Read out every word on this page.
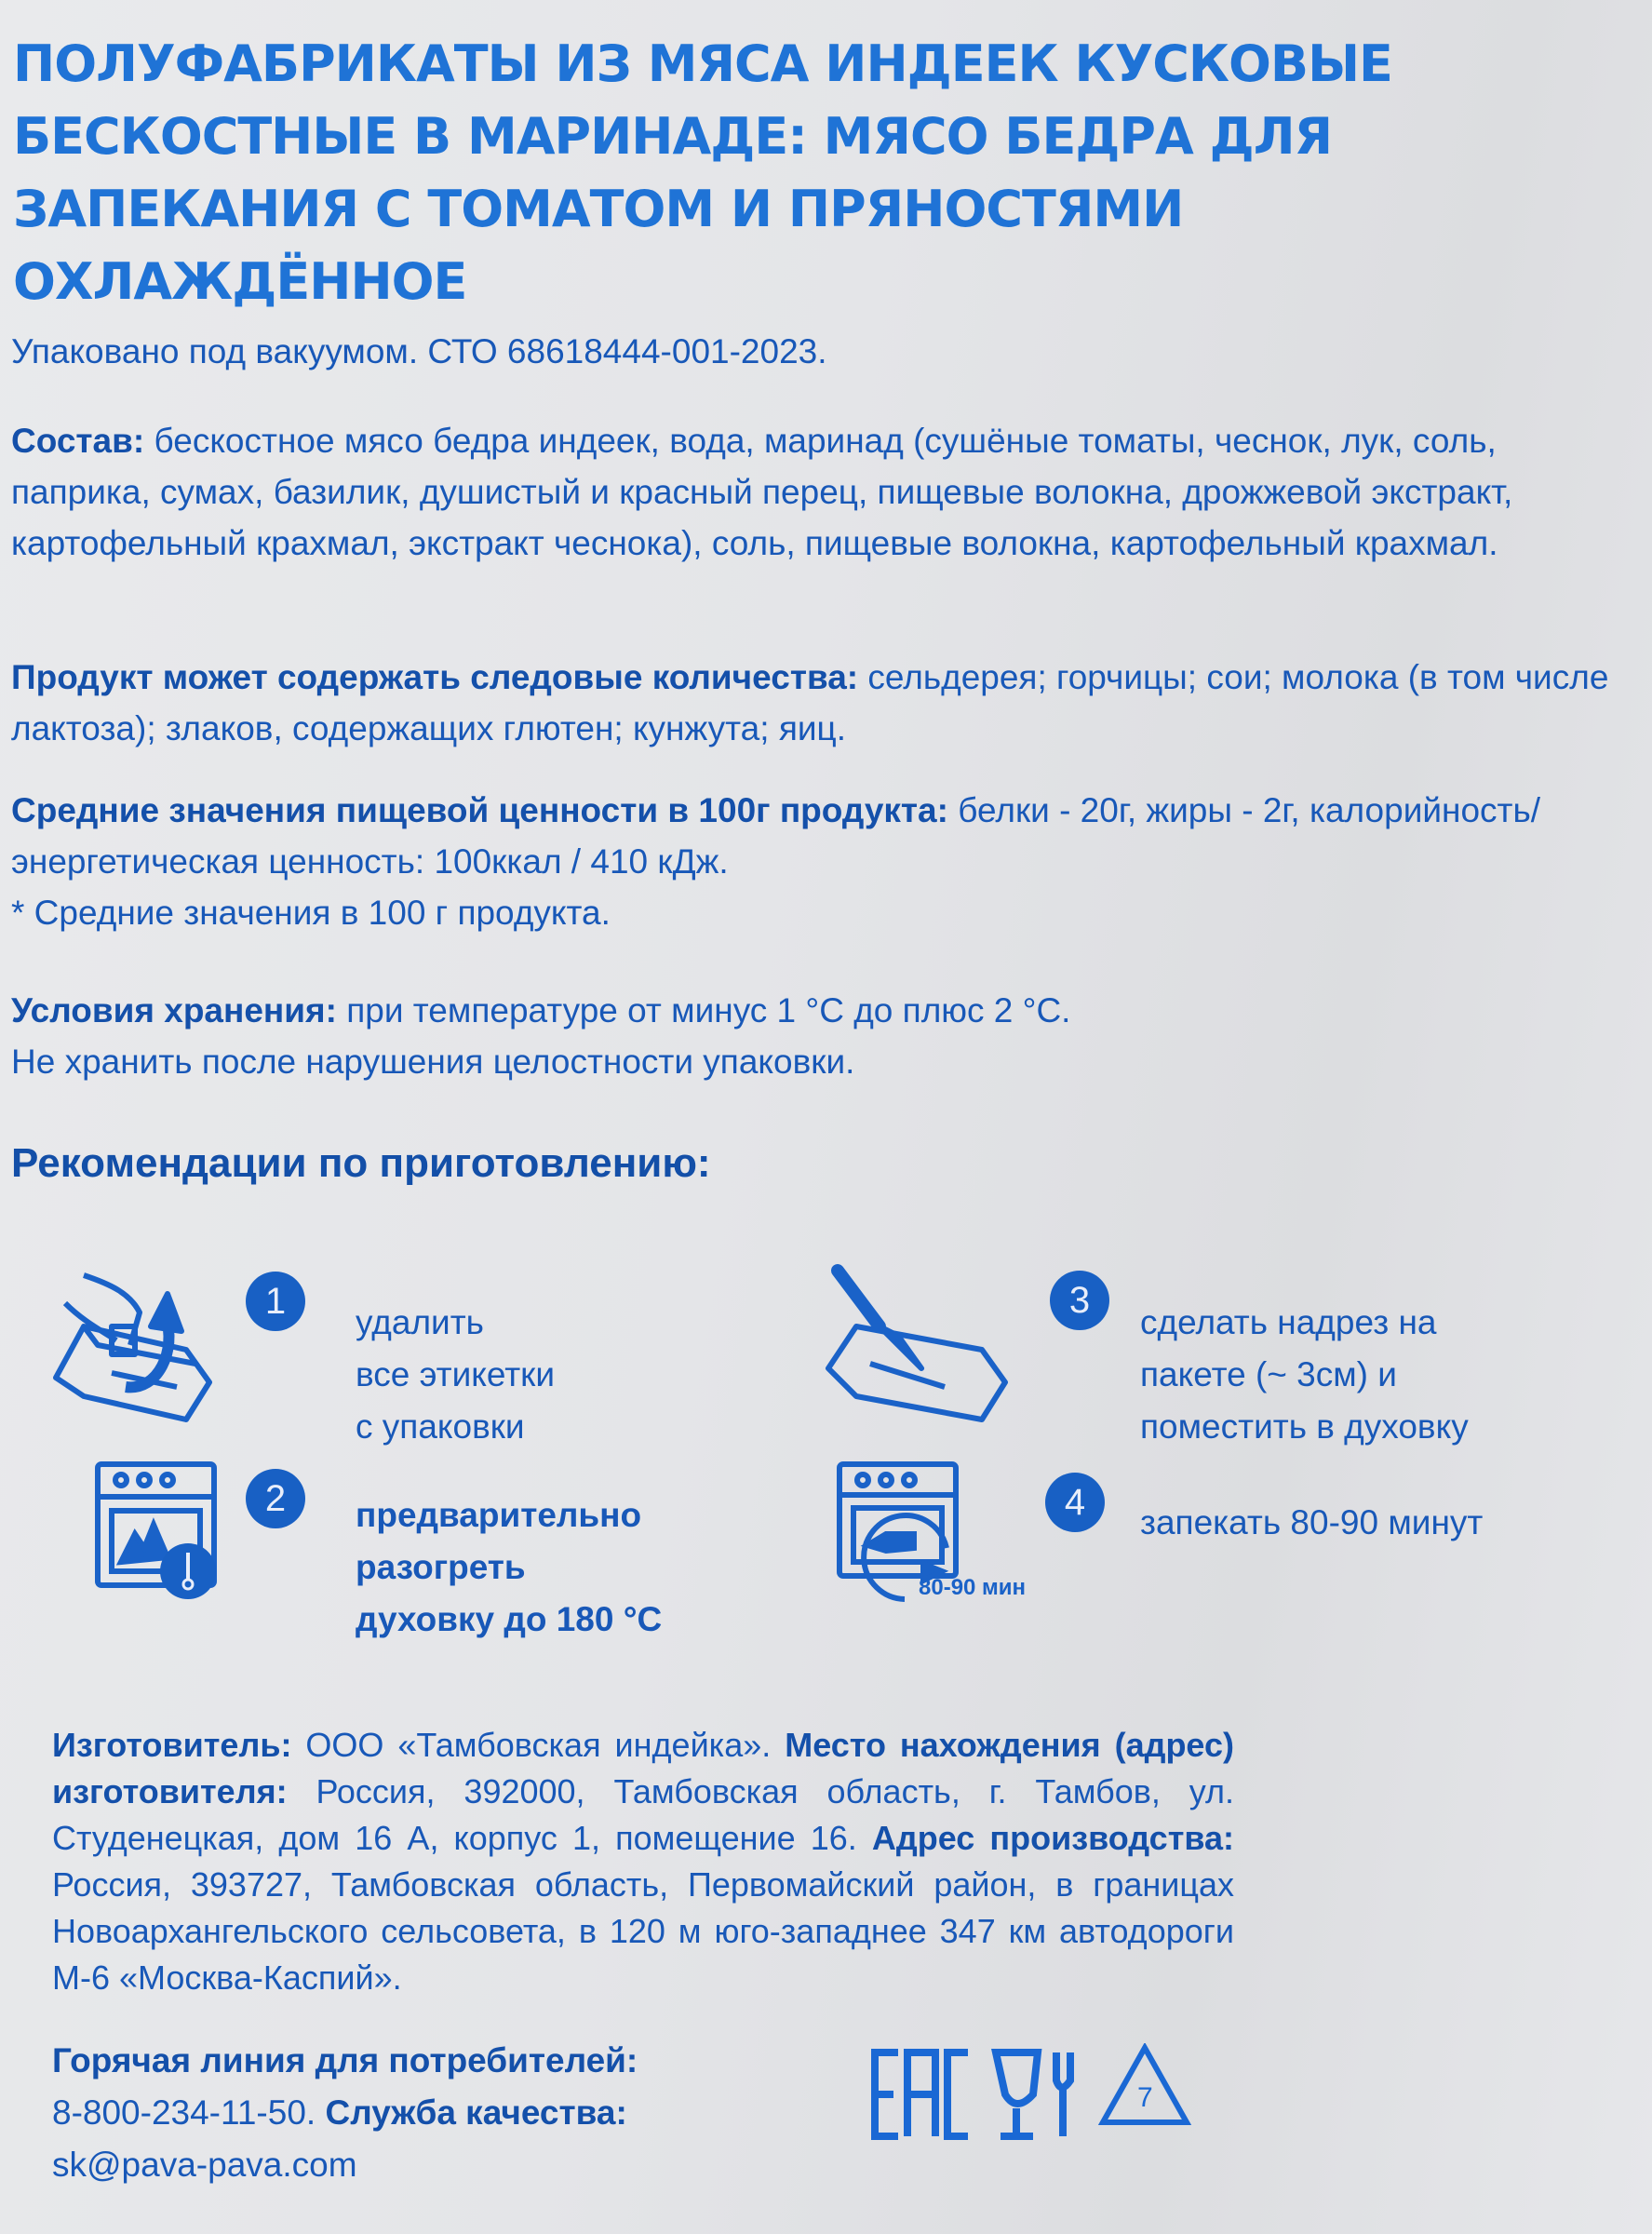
ПОЛУФАБРИКАТЫ ИЗ МЯСА ИНДЕЕК КУСКОВЫЕ БЕСКОСТНЫЕ В МАРИНАДЕ: МЯСО БЕДРА ДЛЯ ЗАПЕКАНИЯ С ТОМАТОМ И ПРЯНОСТЯМИ ОХЛАЖДЁННОЕ
Упаковано под вакуумом. СТО 68618444-001-2023.
Состав: бескостное мясо бедра индеек, вода, маринад (сушёные томаты, чеснок, лук, соль, паприка, сумах, базилик, душистый и красный перец, пищевые волокна, дрожжевой экстракт, картофельный крахмал, экстракт чеснока), соль, пищевые волокна, картофельный крахмал.
Продукт может содержать следовые количества: сельдерея; горчицы; сои; молока (в том числе лактоза); злаков, содержащих глютен; кунжута; яиц.
Средние значения пищевой ценности в 100г продукта: белки - 20г, жиры - 2г, калорийность/энергетическая ценность: 100ккал / 410 кДж.
* Средние значения в 100 г продукта.
Условия хранения: при температуре от минус 1 °С до плюс 2 °С.
Не хранить после нарушения целостности упаковки.
Рекомендации по приготовлению:
1
удалить
все этикетки
с упаковки
2	предварительно
разогреть
духовку до 180 °С
3
сделать надрез на
пакете (~ 3см) и
поместить в духовку
80-90 мин
4	запекать 80-90 минут
Изготовитель: ООО «Тамбовская индейка». Место нахождения (адрес) изготовителя: Россия, 392000, Тамбовская область, г. Тамбов, ул. Студенецкая, дом 16 А, корпус 1, помещение 16. Адрес производства: Россия, 393727, Тамбовская область, Первомайский район, в границах Новоархангельского сельсовета, в 120 м юго-западнее 347 км автодороги М-6 «Москва-Каспий».
Горячая линия для потребителей:
8-800-234-11-50. Служба качества:
sk@pava-pava.com
7
